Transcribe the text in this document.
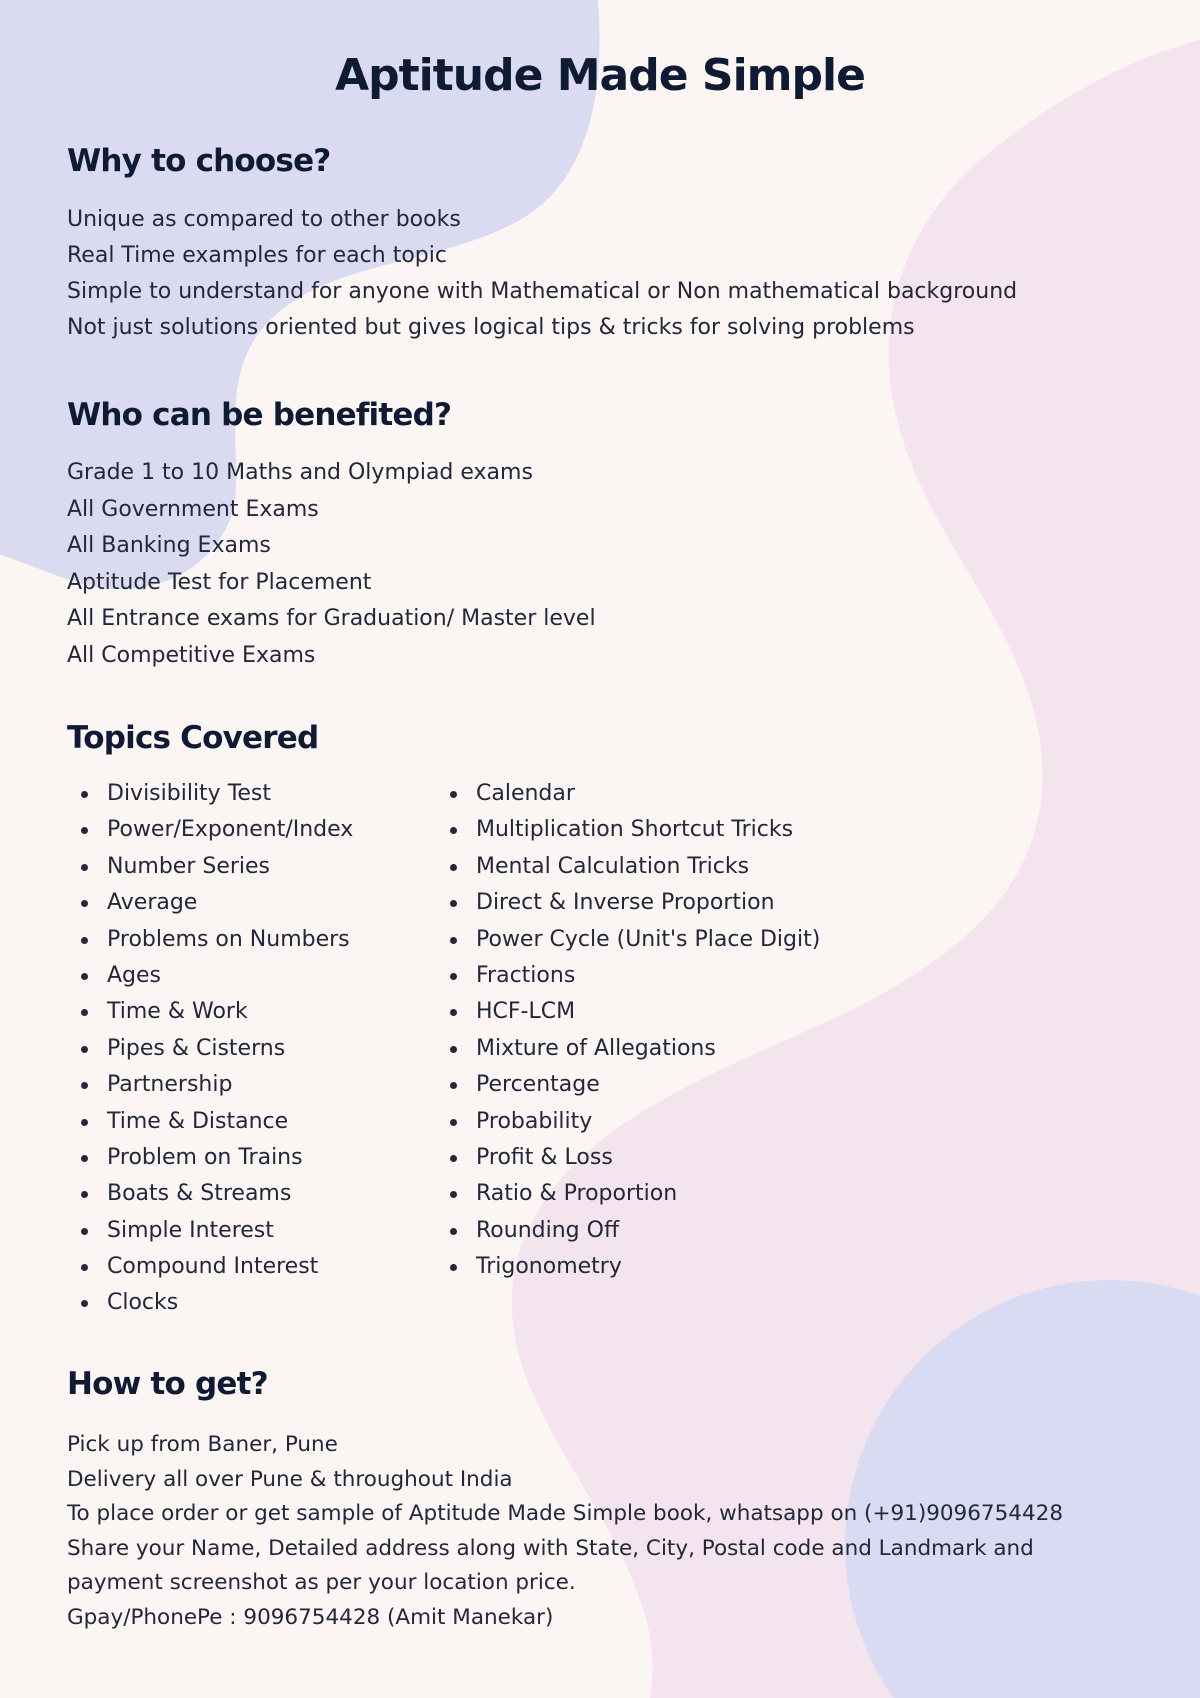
Aptitude Made Simple
Why to choose?
Unique as compared to other books
Real Time examples for each topic
Simple to understand for anyone with Mathematical or Non mathematical background
Not just solutions oriented but gives logical tips & tricks for solving problems
Who can be benefited?
Grade 1 to 10 Maths and Olympiad exams
All Government Exams
All Banking Exams
Aptitude Test for Placement
All Entrance exams for Graduation/ Master level
All Competitive Exams
Topics Covered
Divisibility Test
Power/Exponent/Index
Number Series
Average
Problems on Numbers
Ages
Time & Work
Pipes & Cisterns
Partnership
Time & Distance
Problem on Trains
Boats & Streams
Simple Interest
Compound Interest
Clocks
Calendar
Multiplication Shortcut Tricks
Mental Calculation Tricks
Direct & Inverse Proportion
Power Cycle (Unit's Place Digit)
Fractions
HCF-LCM
Mixture of Allegations
Percentage
Probability
Profit & Loss
Ratio & Proportion
Rounding Off
Trigonometry
How to get?
Pick up from Baner, Pune
Delivery all over Pune & throughout India
To place order or get sample of Aptitude Made Simple book, whatsapp on (+91)9096754428
Share your Name, Detailed address along with State, City, Postal code and Landmark and
payment screenshot as per your location price.
Gpay/PhonePe : 9096754428 (Amit Manekar)
